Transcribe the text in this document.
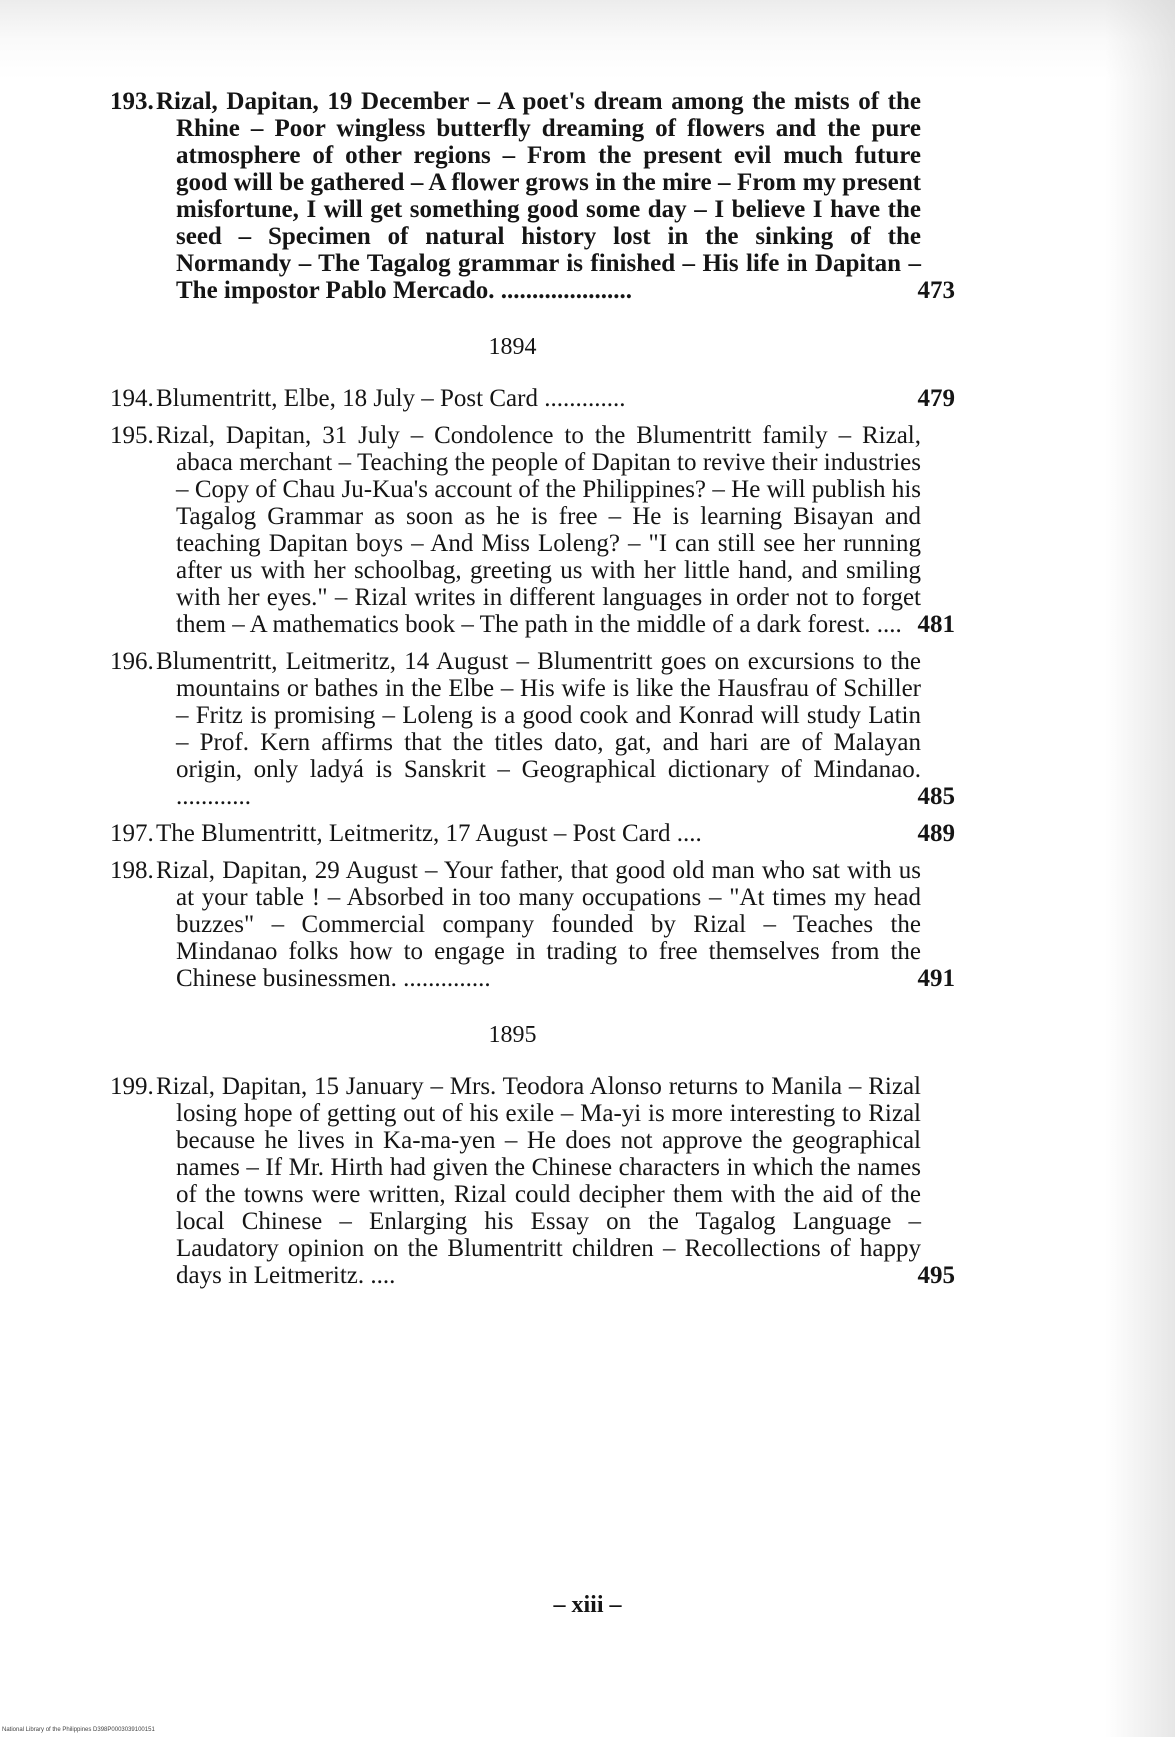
193.Rizal, Dapitan, 19 December – A poet's dream among the mists of the Rhine – Poor wingless butterfly dreaming of flowers and the pure atmosphere of other regions – From the present evil much future good will be gathered – A flower grows in the mire – From my present misfortune, I will get something good some day – I believe I have the seed – Specimen of natural history lost in the sinking of the Normandy – The Tagalog grammar is finished – His life in Dapitan – The impostor Pablo Mercado. .....................	473
1894
194.Blumentritt, Elbe, 18 July – Post Card .............	479
195.Rizal, Dapitan, 31 July – Condolence to the Blumentritt family – Rizal, abaca merchant – Teaching the people of Dapitan to revive their industries – Copy of Chau Ju-Kua's account of the Philippines? – He will publish his Tagalog Grammar as soon as he is free – He is learning Bisayan and teaching Dapitan boys – And Miss Loleng? – "I can still see her running after us with her schoolbag, greeting us with her little hand, and smiling with her eyes." – Rizal writes in different languages in order not to forget them – A mathematics book – The path in the middle of a dark forest. .... 481
196.Blumentritt, Leitmeritz, 14 August – Blumentritt goes on excursions to the mountains or bathes in the Elbe – His wife is like the Hausfrau of Schiller – Fritz is promising – Loleng is a good cook and Konrad will study Latin – Prof. Kern affirms that the titles dato, gat, and hari are of Malayan origin, only ladyá is Sanskrit – Geographical dictionary of Mindanao. ............	485
197.The Blumentritt, Leitmeritz, 17 August – Post Card ....	489
198.Rizal, Dapitan, 29 August – Your father, that good old man who sat with us at your table ! – Absorbed in too many occupations – "At times my head buzzes" – Commercial company founded by Rizal – Teaches the Mindanao folks how to engage in trading to free themselves from the Chinese businessmen. ..............	491
1895
199.Rizal, Dapitan, 15 January – Mrs. Teodora Alonso returns to Manila – Rizal losing hope of getting out of his exile – Ma-yi is more interesting to Rizal because he lives in Ka-ma-yen – He does not approve the geographical names – If Mr. Hirth had given the Chinese characters in which the names of the towns were written, Rizal could decipher them with the aid of the local Chinese – Enlarging his Essay on the Tagalog Language – Laudatory opinion on the Blumentritt children – Recollections of happy days in Leitmeritz. ....	495
– xiii –
National Library of the Philippines D398P0003039100151
